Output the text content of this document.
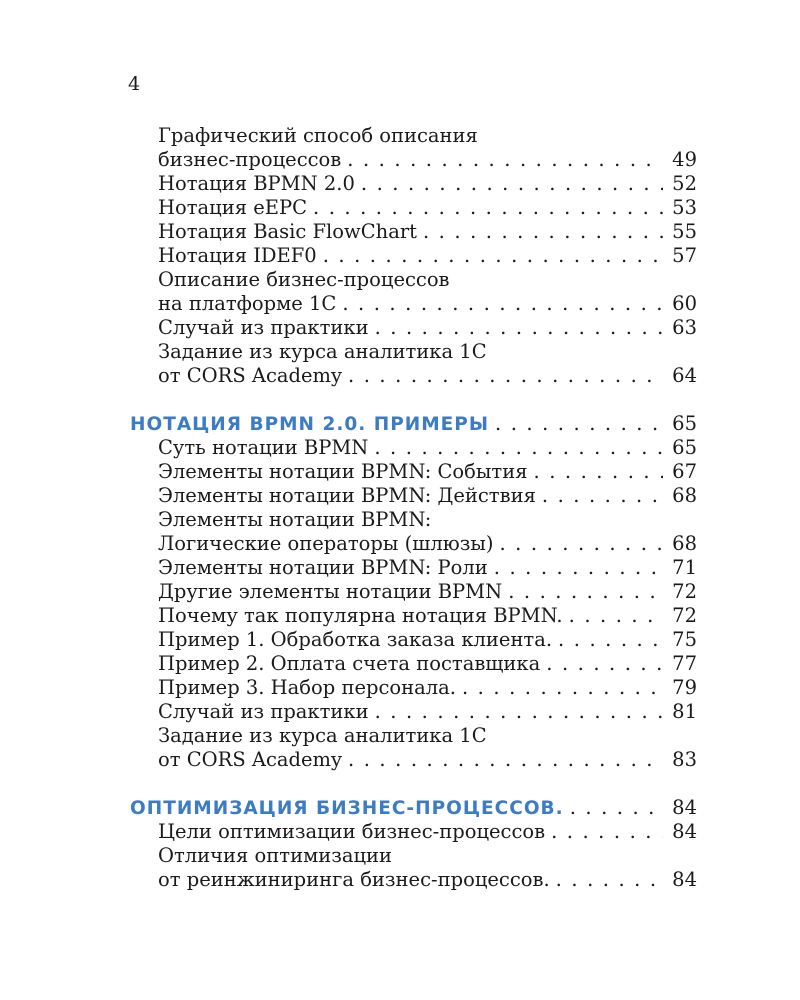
4
Графический способ описания
бизнес-процессов . . .	49
Нотация BPMN 2.0 . . .	52
Нотация eEPC . . .	53
Нотация Basic FlowChart . . .	55
Нотация IDEF0 . . .	57
Описание бизнес-процессов
на платформе 1С . . .	60
Случай из практики . . .	63
Задание из курса аналитика 1С
от CORS Academy . . .	64
НОТАЦИЯ BPMN 2.0. ПРИМЕРЫ . . .	65
Суть нотации BPMN . . .	65
Элементы нотации BPMN: События . . .	67
Элементы нотации BPMN: Действия . . .	68
Элементы нотации BPMN:
Логические операторы (шлюзы) . . .	68
Элементы нотации BPMN: Роли . . .	71
Другие элементы нотации BPMN . . .	72
Почему так популярна нотация BPMN. . . .	72
Пример 1. Обработка заказа клиента. . . .	75
Пример 2. Оплата счета поставщика . . .	77
Пример 3. Набор персонала. . . .	79
Случай из практики . . .	81
Задание из курса аналитика 1С
от CORS Academy . . .	83
ОПТИМИЗАЦИЯ БИЗНЕС-ПРОЦЕССОВ. . . .	84
Цели оптимизации бизнес-процессов . . .	84
Отличия оптимизации
от реинжиниринга бизнес-процессов. . . .	84
